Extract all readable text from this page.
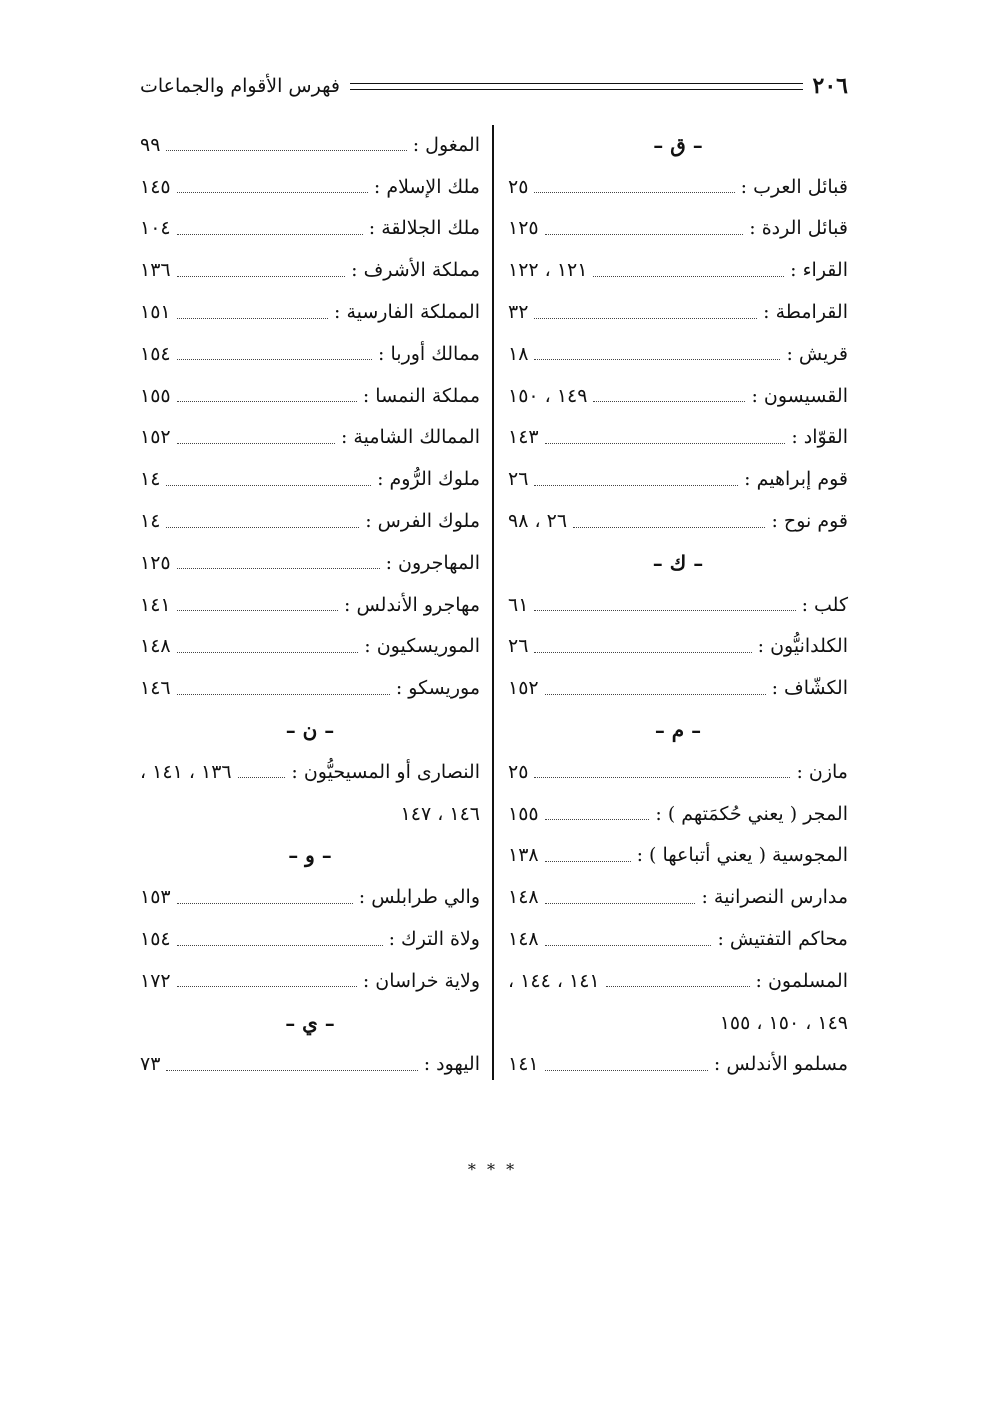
٢٠٦
فهرس الأقوام والجماعات
– ق –
قبائل العرب :
٢٥
قبائل الردة :
١٢٥
القراء :
١٢١ ، ١٢٢
القرامطة :
٣٢
قريش :
١٨
القسيسون :
١٤٩ ، ١٥٠
القوّاد :
١٤٣
قوم إبراهيم :
٢٦
قوم نوح :
٢٦ ، ٩٨
– ك –
كلب :
٦١
الكلدانيُّون :
٢٦
الكشّاف :
١٥٢
– م –
مازن :
٢٥
المجر ( يعني حُكمَتهم ) :
١٥٥
المجوسية ( يعني أتباعها ) :
١٣٨
مدارس النصرانية :
١٤٨
محاكم التفتيش :
١٤٨
المسلمون :
١٤١ ، ١٤٤ ،
١٤٩ ، ١٥٠ ، ١٥٥
مسلمو الأندلس :
١٤١
المغول :
٩٩
ملك الإسلام :
١٤٥
ملك الجلالقة :
١٠٤
مملكة الأشرف :
١٣٦
المملكة الفارسية :
١٥١
ممالك أوربا :
١٥٤
مملكة النمسا :
١٥٥
الممالك الشامية :
١٥٢
ملوك الرُّوم :
١٤
ملوك الفرس :
١٤
المهاجرون :
١٢٥
مهاجرو الأندلس :
١٤١
الموريسكيون :
١٤٨
موريسكو :
١٤٦
– ن –
النصارى أو المسيحيُّون :
١٣٦ ، ١٤١ ،
١٤٦ ، ١٤٧
– و –
والي طرابلس :
١٥٣
ولاة الترك :
١٥٤
ولاية خراسان :
١٧٢
– ي –
اليهود :
٧٣
* * *
